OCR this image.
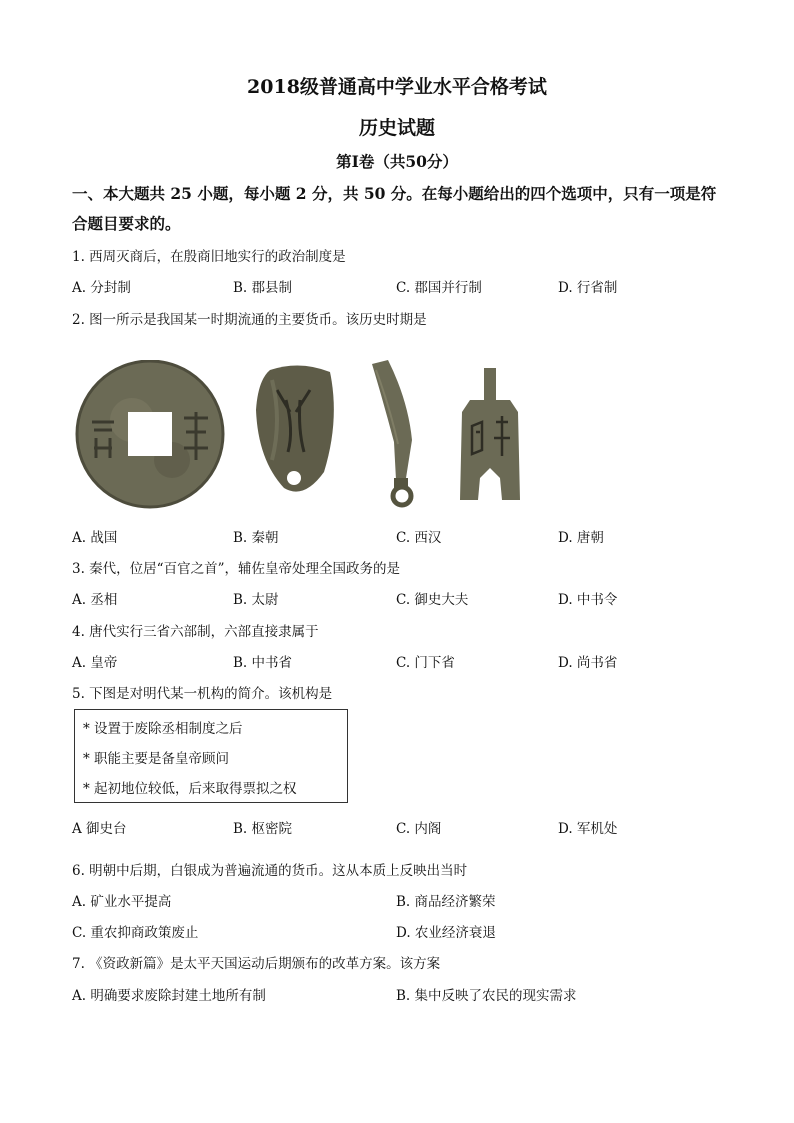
2018级普通高中学业水平合格考试
历史试题
第Ⅰ卷（共50分）
一、本大题共 25 小题，每小题 2 分，共 50 分。在每小题给出的四个选项中，只有一项是符
合题目要求的。
1. 西周灭商后，在殷商旧地实行的政治制度是
A. 分封制	B. 郡县制	C. 郡国并行制	D. 行省制
2. 图一所示是我国某一时期流通的主要货币。该历史时期是
A. 战国	B. 秦朝	C. 西汉	D. 唐朝
3. 秦代，位居“百官之首”，辅佐皇帝处理全国政务的是
A. 丞相	B. 太尉	C. 御史大夫	D. 中书令
4. 唐代实行三省六部制，六部直接隶属于
A. 皇帝	B. 中书省	C. 门下省	D. 尚书省
5. 下图是对明代某一机构的简介。该机构是
* 设置于废除丞相制度之后
* 职能主要是备皇帝顾问
* 起初地位较低，后来取得票拟之权
A 御史台	B. 枢密院	C. 内阁	D. 军机处
6. 明朝中后期，白银成为普遍流通的货币。这从本质上反映出当时
A. 矿业水平提高	B. 商品经济繁荣
C. 重农抑商政策废止	D. 农业经济衰退
7. 《资政新篇》是太平天国运动后期颁布的改革方案。该方案
A. 明确要求废除封建土地所有制	B. 集中反映了农民的现实需求
